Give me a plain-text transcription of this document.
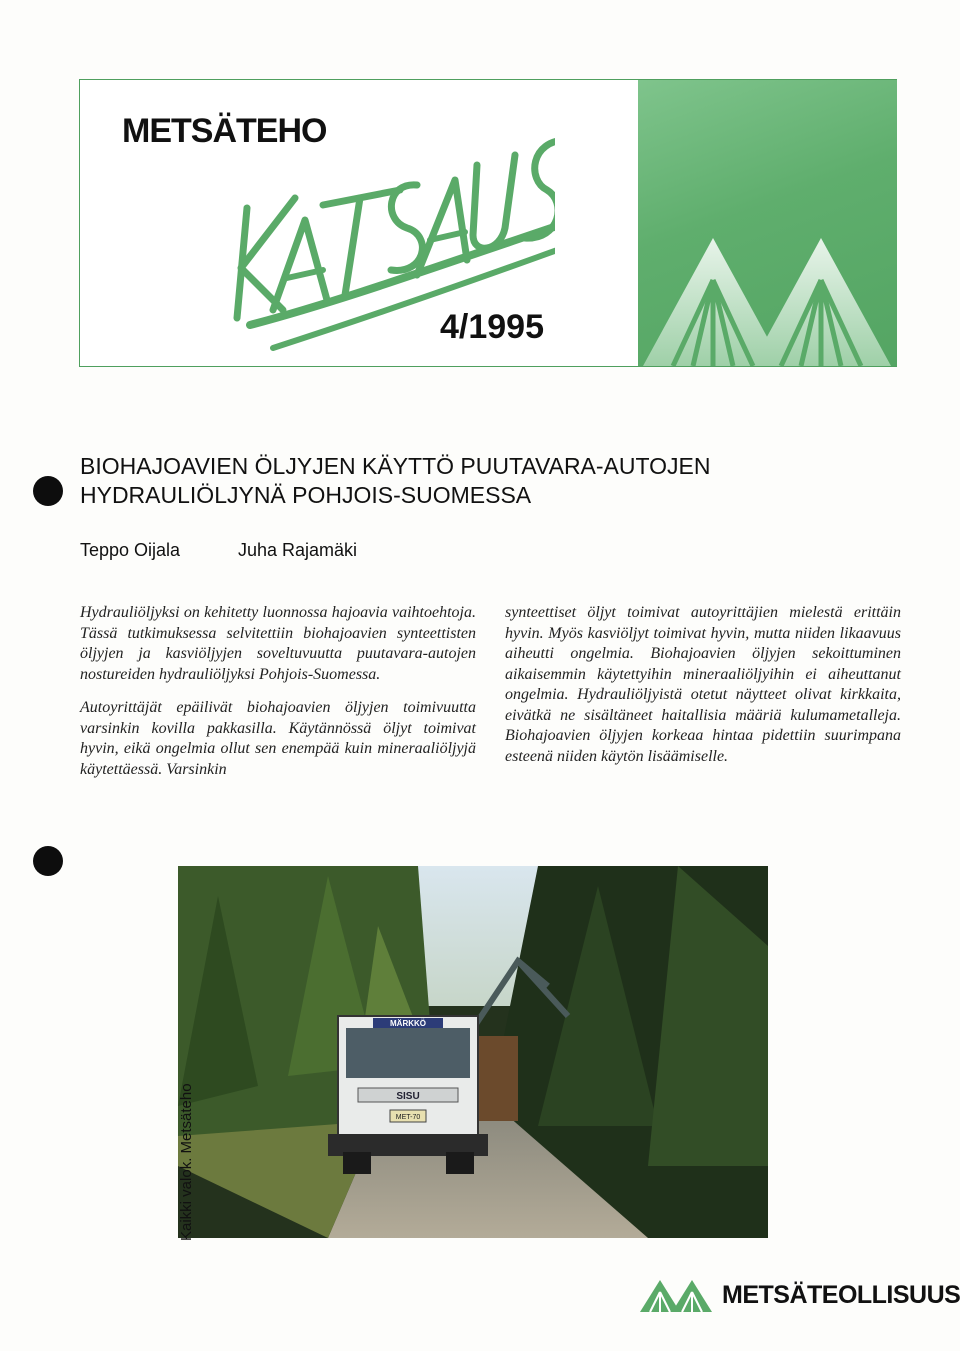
METSÄTEHO
4/1995
BIOHAJOAVIEN ÖLJYJEN KÄYTTÖ PUUTAVARA-AUTOJEN
HYDRAULIÖLJYNÄ POHJOIS-SUOMESSA
Teppo Oijala	Juha Rajamäki

Hydrauliöljyksi on kehitetty luonnossa hajoavia vaihtoehtoja. Tässä tutkimuksessa selvitettiin biohajoavien synteettisten öljyjen ja kasviöljyjen soveltuvuutta puutavara-autojen nostureiden hydrauliöljyksi Pohjois-Suomessa.

Autoyrittäjät epäilivät biohajoavien öljyjen toimivuutta varsinkin kovilla pakkasilla. Käytännössä öljyt toimivat hyvin, eikä ongelmia ollut sen enempää kuin mineraaliöljyjä käytettäessä. Varsinkin

synteettiset öljyt toimivat autoyrittäjien mielestä erittäin hyvin. Myös kasviöljyt toimivat hyvin, mutta niiden likaavuus aiheutti ongelmia. Biohajoavien öljyjen sekoittuminen aikaisemmin käytettyihin mineraaliöljyihin ei aiheuttanut ongelmia. Hydrauliöljyistä otetut näytteet olivat kirkkaita, eivätkä ne sisältäneet haitallisia määriä kulumametalleja. Biohajoavien öljyjen korkeaa hintaa pidettiin suurimpana esteenä niiden käytön lisäämiselle.

MÄRKKÖ
SISU
MET-70
METSÄTEOLLISUUS
